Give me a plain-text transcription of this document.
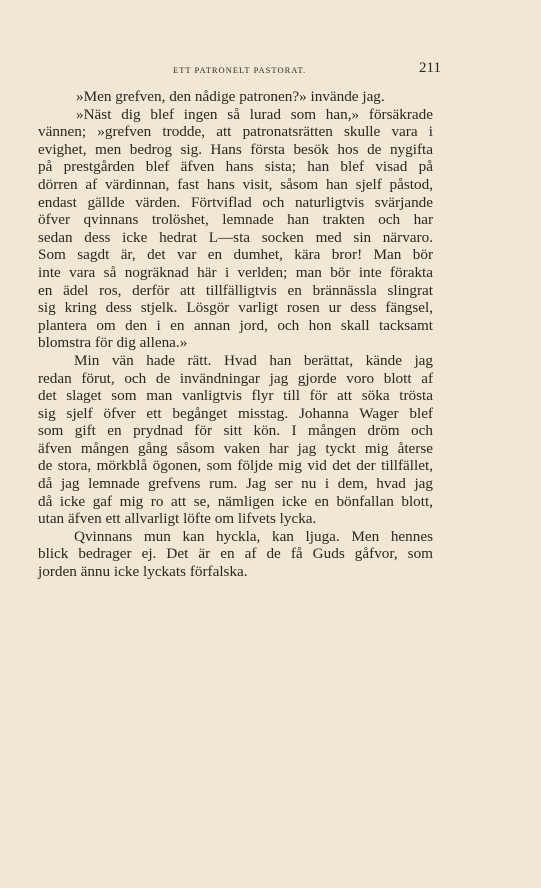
ETT PATRONELT PASTORAT.	211
»Men grefven, den nådige patronen?» invände jag.
»Näst dig blef ingen så lurad som han,» försäkrade
vännen; »grefven trodde, att patronatsrätten skulle vara i
evighet, men bedrog sig. Hans första besök hos de nygifta
på prestgården blef äfven hans sista; han blef visad på
dörren af värdinnan, fast hans visit, såsom han sjelf påstod,
endast gällde värden. Förtviflad och naturligtvis svärjande
öfver qvinnans trolöshet, lemnade han trakten och har
sedan dess icke hedrat L—sta socken med sin närvaro.
Som sagdt är, det var en dumhet, kära bror! Man bör
inte vara så nogräknad här i verlden; man bör inte förakta
en ädel ros, derför att tillfälligtvis en brännässla slingrat
sig kring dess stjelk. Lösgör varligt rosen ur dess fängsel,
plantera om den i en annan jord, och hon skall tacksamt
blomstra för dig allena.»
Min vän hade rätt. Hvad han berättat, kände jag
redan förut, och de invändningar jag gjorde voro blott af
det slaget som man vanligtvis flyr till för att söka trösta
sig sjelf öfver ett begånget misstag. Johanna Wager blef
som gift en prydnad för sitt kön. I mången dröm och
äfven mången gång såsom vaken har jag tyckt mig återse
de stora, mörkblå ögonen, som följde mig vid det der tillfället,
då jag lemnade grefvens rum. Jag ser nu i dem, hvad jag
då icke gaf mig ro att se, nämligen icke en bönfallan blott,
utan äfven ett allvarligt löfte om lifvets lycka.
Qvinnans mun kan hyckla, kan ljuga. Men hennes
blick bedrager ej. Det är en af de få Guds gåfvor, som
jorden ännu icke lyckats förfalska.
